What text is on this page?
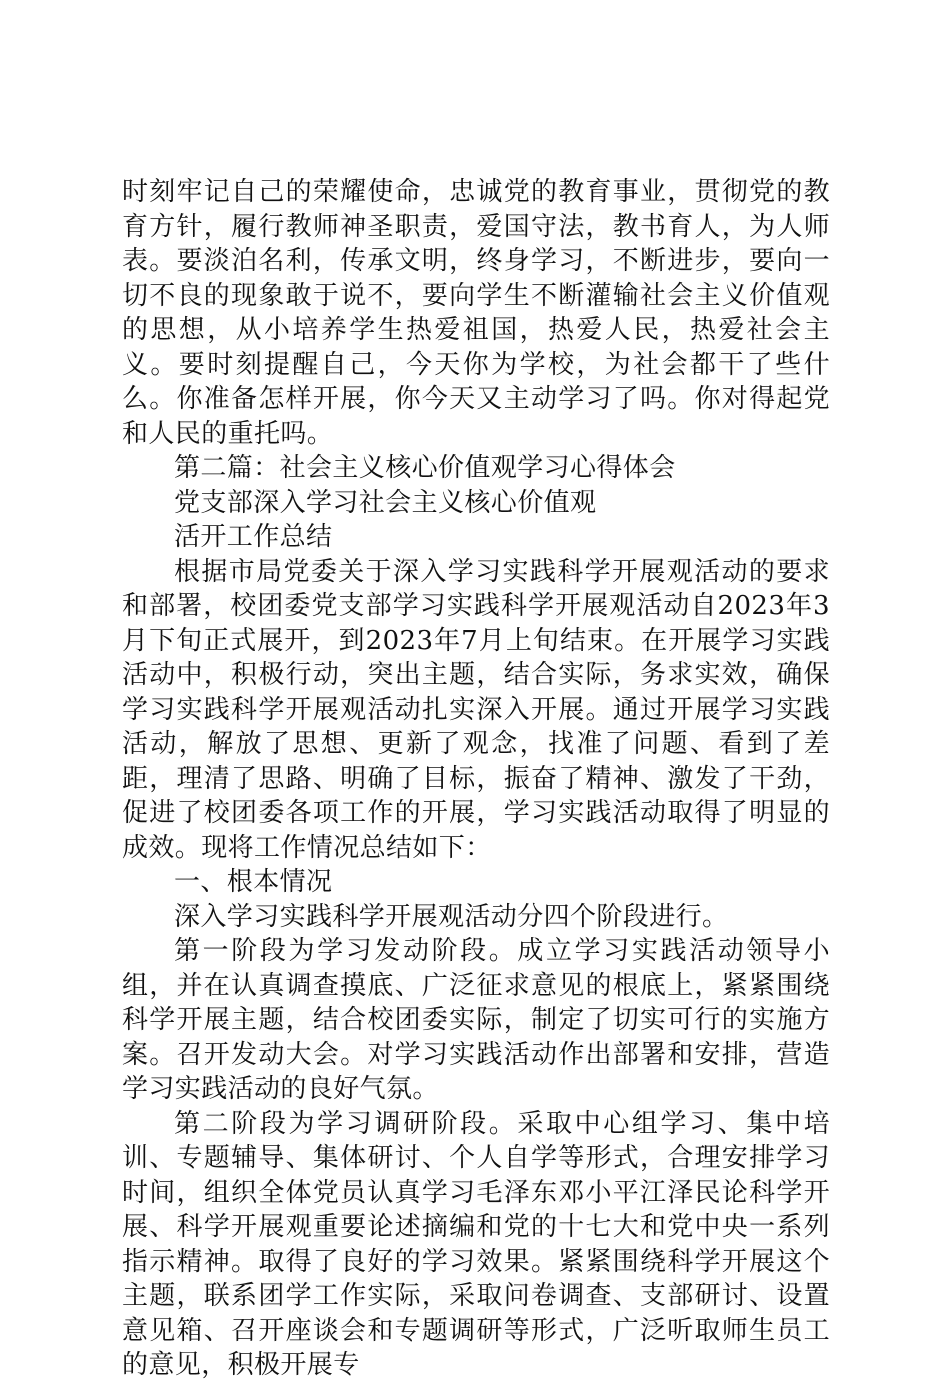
时刻牢记自己的荣耀使命，忠诚党的教育事业，贯彻党的教育方针，履行教师神圣职责，爱国守法，教书育人，为人师表。要淡泊名利，传承文明，终身学习，不断进步，要向一切不良的现象敢于说不，要向学生不断灌输社会主义价值观的思想，从小培养学生热爱祖国，热爱人民，热爱社会主义。要时刻提醒自己，今天你为学校，为社会都干了些什么。你准备怎样开展，你今天又主动学习了吗。你对得起党和人民的重托吗。

第二篇：社会主义核心价值观学习心得体会

党支部深入学习社会主义核心价值观

活开工作总结

根据市局党委关于深入学习实践科学开展观活动的要求和部署，校团委党支部学习实践科学开展观活动自2023年3月下旬正式展开，到2023年7月上旬结束。在开展学习实践活动中，积极行动，突出主题，结合实际，务求实效，确保学习实践科学开展观活动扎实深入开展。通过开展学习实践活动，解放了思想、更新了观念，找准了问题、看到了差距，理清了思路、明确了目标，振奋了精神、激发了干劲，促进了校团委各项工作的开展，学习实践活动取得了明显的成效。现将工作情况总结如下：

一、根本情况

深入学习实践科学开展观活动分四个阶段进行。

第一阶段为学习发动阶段。成立学习实践活动领导小组，并在认真调查摸底、广泛征求意见的根底上，紧紧围绕科学开展主题，结合校团委实际，制定了切实可行的实施方案。召开发动大会。对学习实践活动作出部署和安排，营造学习实践活动的良好气氛。

第二阶段为学习调研阶段。采取中心组学习、集中培训、专题辅导、集体研讨、个人自学等形式，合理安排学习时间，组织全体党员认真学习毛泽东邓小平江泽民论科学开展、科学开展观重要论述摘编和党的十七大和党中央一系列指示精神。取得了良好的学习效果。紧紧围绕科学开展这个主题，联系团学工作实际，采取问卷调查、支部研讨、设置意见箱、召开座谈会和专题调研等形式，广泛听取师生员工的意见，积极开展专
